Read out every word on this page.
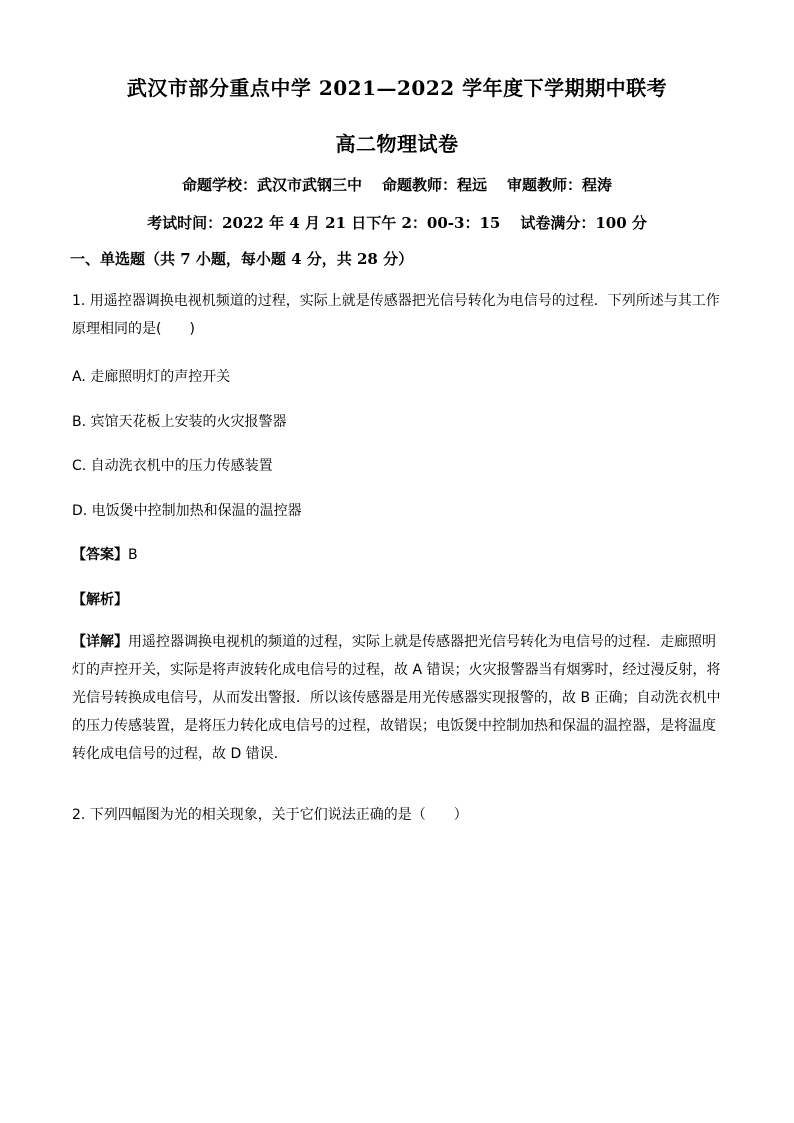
武汉市部分重点中学 2021—2022 学年度下学期期中联考
高二物理试卷
命题学校：武汉市武钢三中 命题教师：程远 审题教师：程涛
考试时间：2022 年 4 月 21 日下午 2：00-3：15 试卷满分：100 分
一、单选题（共 7 小题，每小题 4 分，共 28 分）
1. 用遥控器调换电视机频道的过程，实际上就是传感器把光信号转化为电信号的过程．下列所述与其工作
原理相同的是(　　)
A. 走廊照明灯的声控开关
B. 宾馆天花板上安装的火灾报警器
C. 自动洗衣机中的压力传感装置
D. 电饭煲中控制加热和保温的温控器
【答案】B
【解析】
【详解】用遥控器调换电视机的频道的过程，实际上就是传感器把光信号转化为电信号的过程．走廊照明
灯的声控开关，实际是将声波转化成电信号的过程，故 A 错误；火灾报警器当有烟雾时，经过漫反射，将
光信号转换成电信号，从而发出警报．所以该传感器是用光传感器实现报警的，故 B 正确；自动洗衣机中
的压力传感装置，是将压力转化成电信号的过程，故错误；电饭煲中控制加热和保温的温控器，是将温度
转化成电信号的过程，故 D 错误．
2. 下列四幅图为光的相关现象，关于它们说法正确的是（　　）
